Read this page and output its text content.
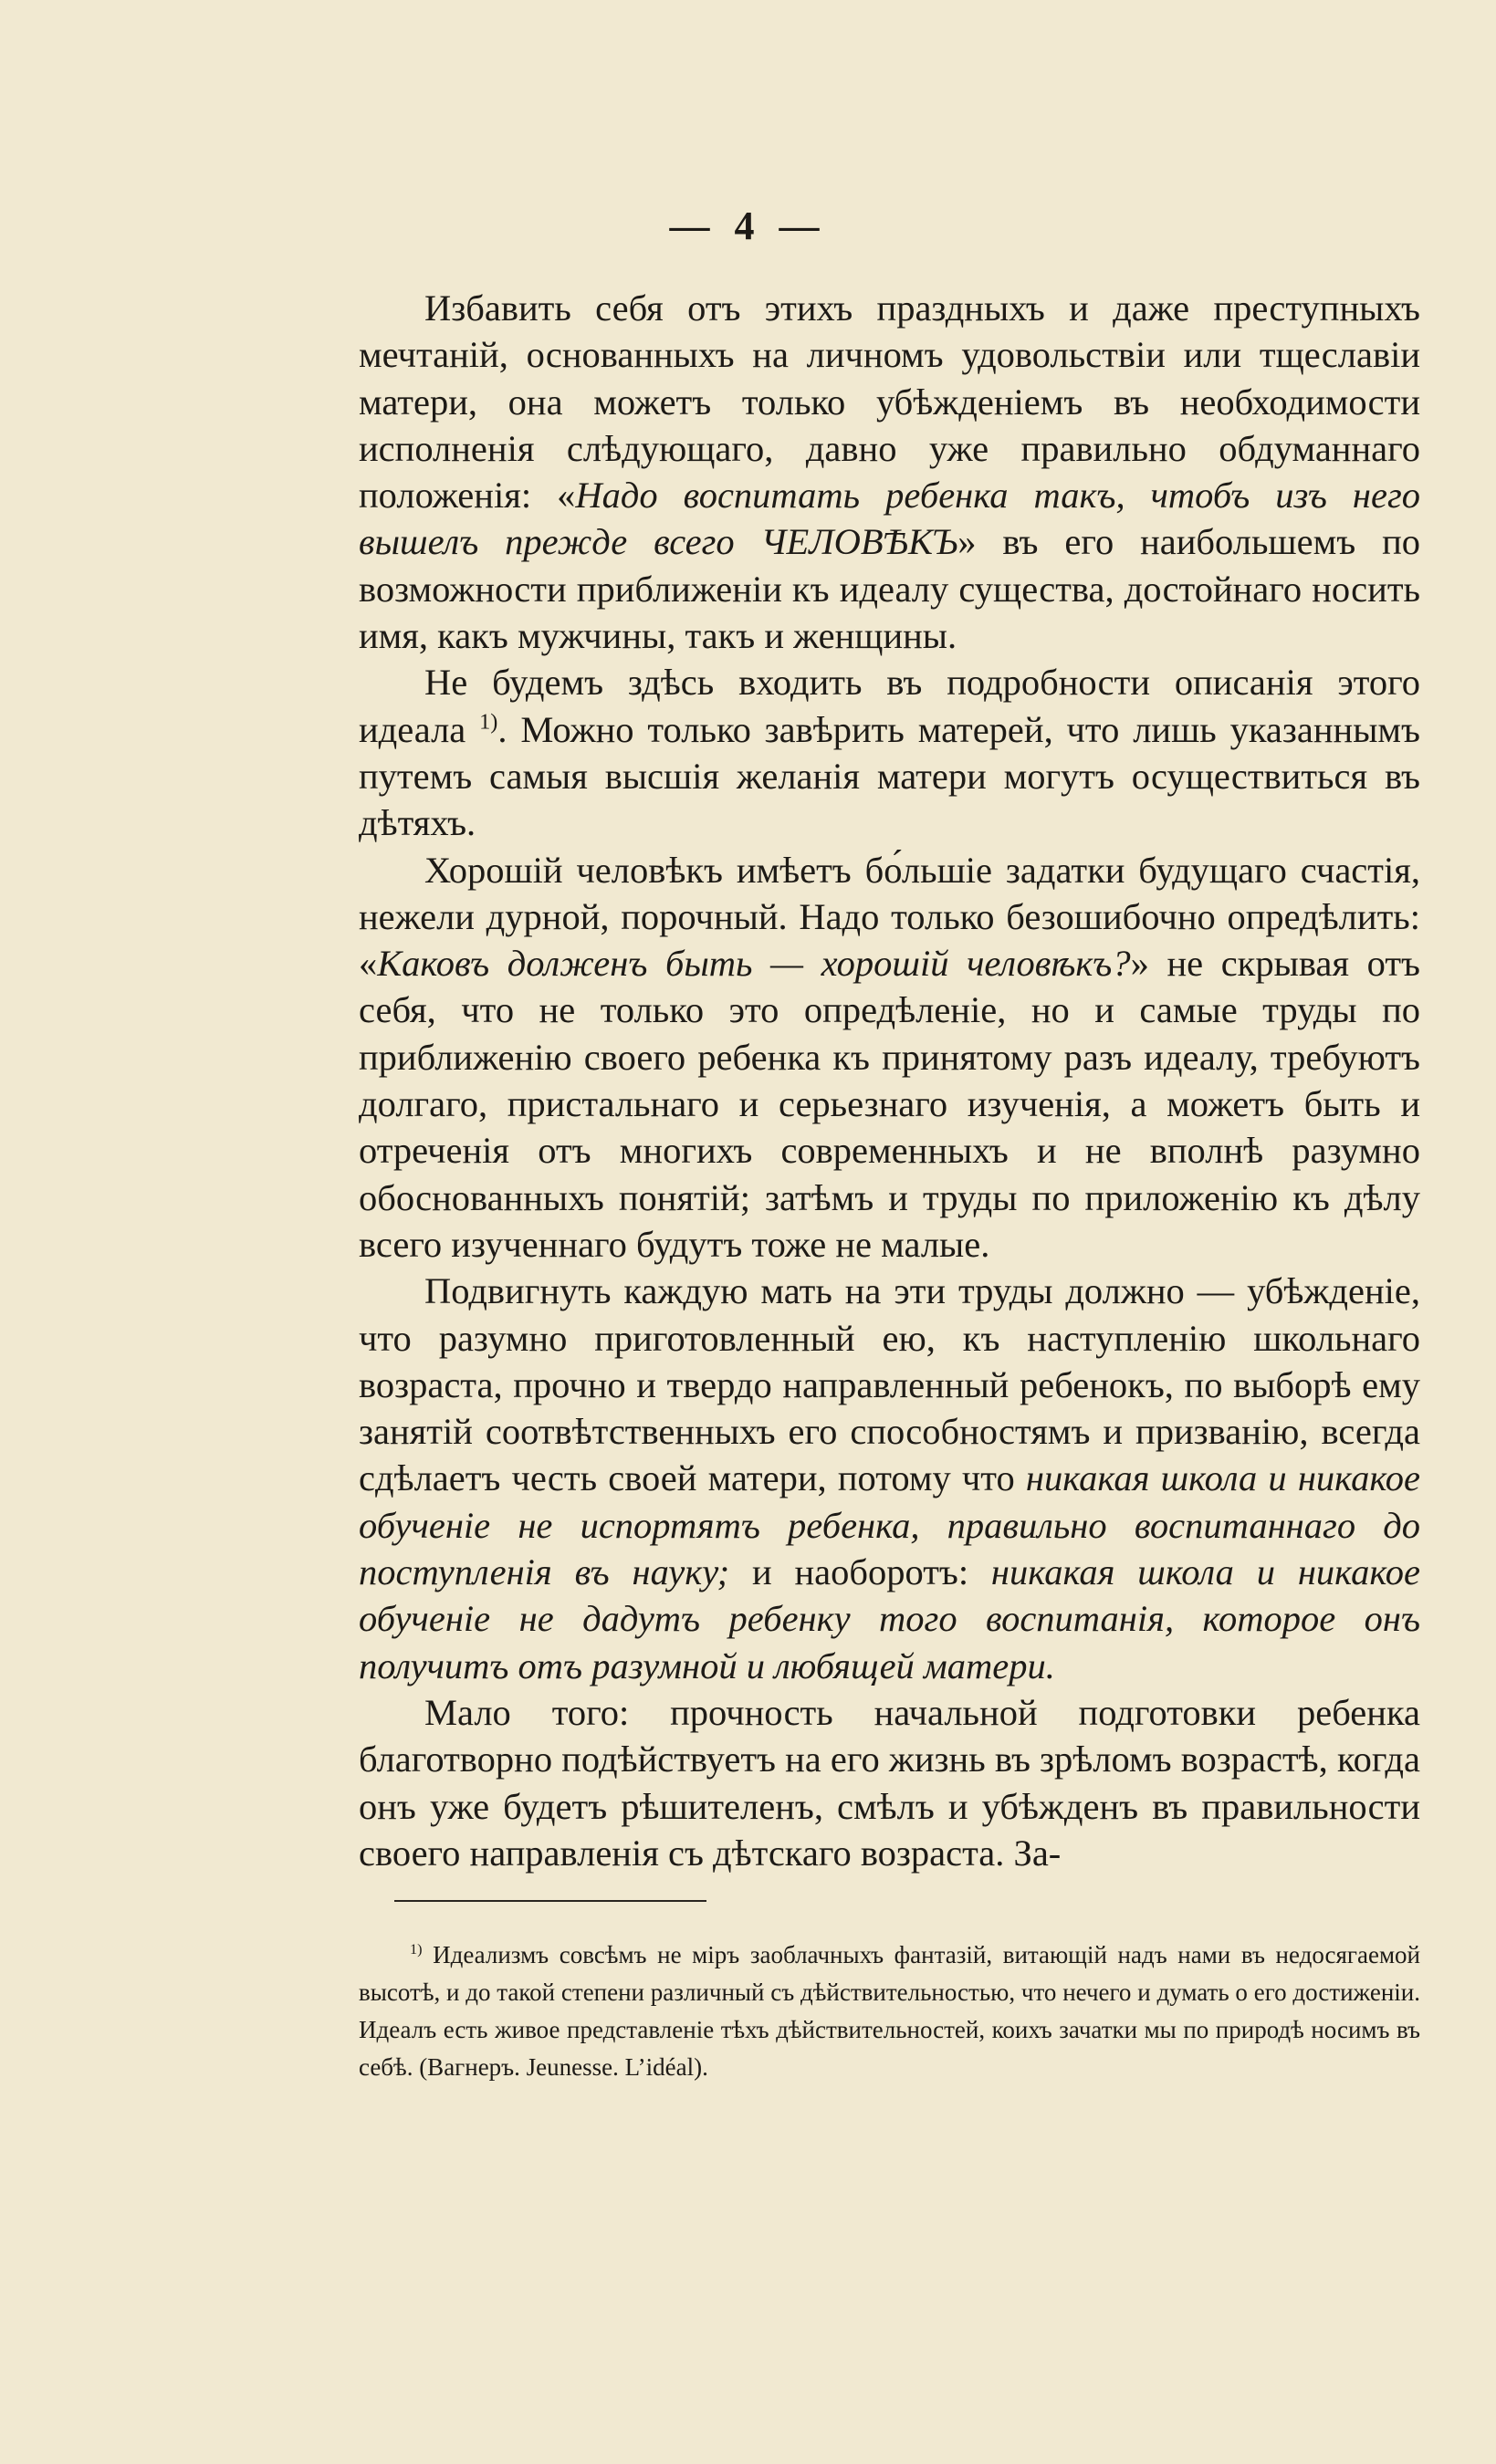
— 4 —

Избавить себя отъ этихъ праздныхъ и даже преступныхъ мечтаній, основанныхъ на личномъ удовольствіи или тщеславіи матери, она можетъ только убѣжденіемъ въ необходимости исполненія слѣдующаго, давно уже правильно обдуманнаго положенія: «Надо воспитать ребенка такъ, чтобъ изъ него вышелъ прежде всего ЧЕЛОВѢКЪ» въ его наибольшемъ по возможности приближеніи къ идеалу существа, достойнаго носить имя, какъ мужчины, такъ и женщины.

Не будемъ здѣсь входить въ подробности описанія этого идеала $^{1)}$. Можно только завѣрить матерей, что лишь указаннымъ путемъ самыя высшія желанія матери могутъ осуществиться въ дѣтяхъ.

Хорошій человѣкъ имѣетъ бо́льшіе задатки будущаго счастія, нежели дурной, порочный. Надо только безошибочно опредѣлить: «Каковъ долженъ быть — хорошій человѣкъ?» не скрывая отъ себя, что не только это опредѣленіе, но и самые труды по приближенію своего ребенка къ принятому разъ идеалу, требуютъ долгаго, пристальнаго и серьезнаго изученія, а можетъ быть и отреченія отъ многихъ современныхъ и не вполнѣ разумно обоснованныхъ понятій; затѣмъ и труды по приложенію къ дѣлу всего изученнаго будутъ тоже не малые.

Подвигнуть каждую мать на эти труды должно — убѣжденіе, что разумно приготовленный ею, къ наступленію школьнаго возраста, прочно и твердо направленный ребенокъ, по выборѣ ему занятій соотвѣтственныхъ его способностямъ и призванію, всегда сдѣлаетъ честь своей матери, потому что никакая школа и никакое обученіе не испортятъ ребенка, правильно воспитаннаго до поступленія въ науку; и наоборотъ: никакая школа и никакое обученіе не дадутъ ребенку того воспитанія, которое онъ получитъ отъ разумной и любящей матери.

Мало того: прочность начальной подготовки ребенка благотворно подѣйствуетъ на его жизнь въ зрѣломъ возрастѣ, когда онъ уже будетъ рѣшителенъ, смѣлъ и убѣжденъ въ правильности своего направленія съ дѣтскаго возраста. За-

$^{1)}$ Идеализмъ совсѣмъ не міръ заоблачныхъ фантазій, витающій надъ нами въ недосягаемой высотѣ, и до такой степени различный съ дѣйствительностью, что нечего и думать о его достиженіи. Идеалъ есть живое представленіе тѣхъ дѣйствительностей, коихъ зачатки мы по природѣ носимъ въ себѣ. (Вагнеръ. Jeunesse. L’idéal).
